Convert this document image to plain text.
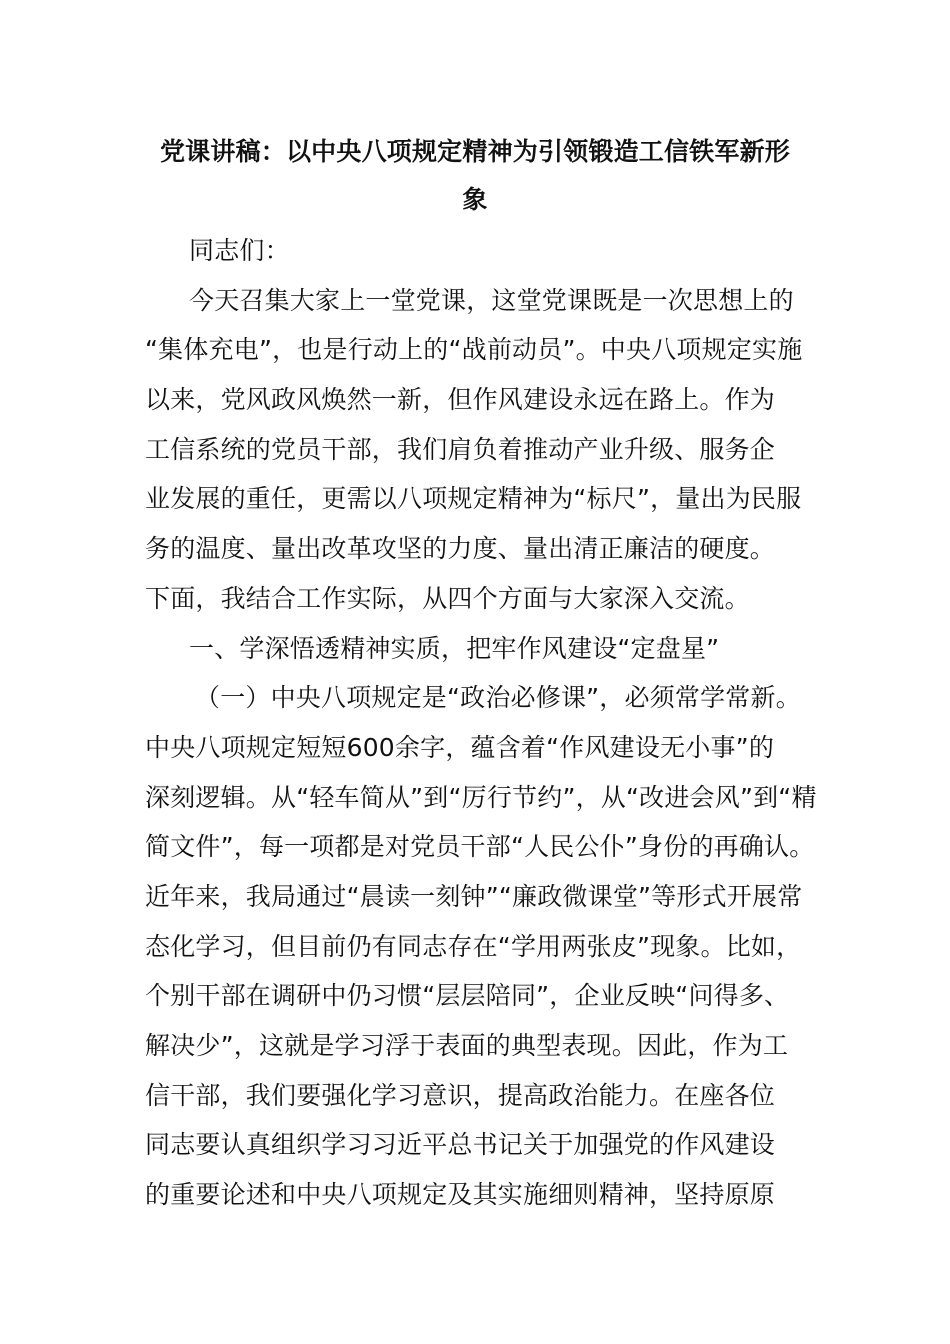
党课讲稿：以中央八项规定精神为引领锻造工信铁军新形
象
同志们：
今天召集大家上一堂党课，这堂党课既是一次思想上的
“集体充电”，也是行动上的“战前动员”。中央八项规定实施
以来，党风政风焕然一新，但作风建设永远在路上。作为
工信系统的党员干部，我们肩负着推动产业升级、服务企
业发展的重任，更需以八项规定精神为“标尺”，量出为民服
务的温度、量出改革攻坚的力度、量出清正廉洁的硬度。
下面，我结合工作实际，从四个方面与大家深入交流。
一、学深悟透精神实质，把牢作风建设“定盘星”
（一）中央八项规定是“政治必修课”，必须常学常新。
中央八项规定短短600余字，蕴含着“作风建设无小事”的
深刻逻辑。从“轻车简从”到“厉行节约”，从“改进会风”到“精
简文件”，每一项都是对党员干部“人民公仆”身份的再确认。
近年来，我局通过“晨读一刻钟”“廉政微课堂”等形式开展常
态化学习，但目前仍有同志存在“学用两张皮”现象。比如，
个别干部在调研中仍习惯“层层陪同”，企业反映“问得多、
解决少”，这就是学习浮于表面的典型表现。因此，作为工
信干部，我们要强化学习意识，提高政治能力。在座各位
同志要认真组织学习习近平总书记关于加强党的作风建设
的重要论述和中央八项规定及其实施细则精神，坚持原原
